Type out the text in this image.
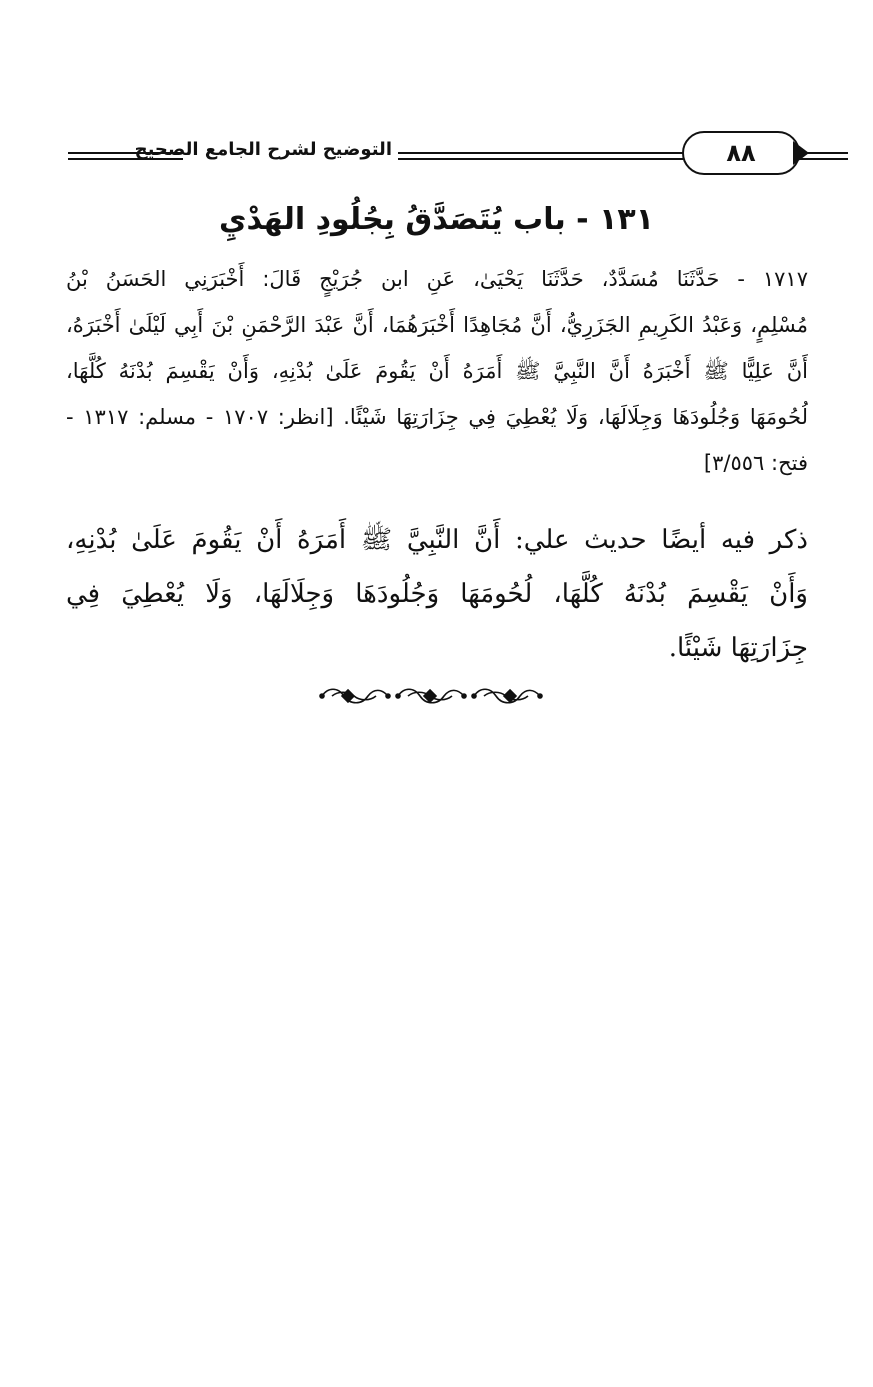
التوضيح لشرح الجامع الصحيح	٨٨
١٣١ - باب يُتَصَدَّقُ بِجُلُودِ الهَدْيِ
١٧١٧ - حَدَّثَنَا مُسَدَّدٌ، حَدَّثَنَا يَحْيَىٰ، عَنِ ابن جُرَيْجٍ قَالَ: أَخْبَرَنِي الحَسَنُ بْنُ
مُسْلِمٍ، وَعَبْدُ الكَرِيمِ الجَزَرِيُّ، أَنَّ مُجَاهِدًا أَخْبَرَهُمَا، أَنَّ عَبْدَ الرَّحْمَنِ بْنَ أَبِي لَيْلَىٰ أَخْبَرَهُ،
أَنَّ عَلِيًّا ﷺ أَخْبَرَهُ أَنَّ النَّبِيَّ ﷺ أَمَرَهُ أَنْ يَقُومَ عَلَىٰ بُدْنِهِ، وَأَنْ يَقْسِمَ بُدْنَهُ كُلَّهَا،
لُحُومَهَا وَجُلُودَهَا وَجِلَالَهَا، وَلَا يُعْطِيَ فِي جِزَارَتِهَا شَيْئًا. [انظر: ١٧٠٧ - مسلم: ١٣١٧ -
فتح: ٣/٥٥٦]
ذكر فيه أيضًا حديث علي: أَنَّ النَّبِيَّ ﷺ أَمَرَهُ أَنْ يَقُومَ عَلَىٰ بُدْنِهِ،
وَأَنْ يَقْسِمَ بُدْنَهُ كُلَّهَا، لُحُومَهَا وَجُلُودَهَا وَجِلَالَهَا، وَلَا يُعْطِيَ فِي
جِزَارَتِهَا شَيْئًا.
